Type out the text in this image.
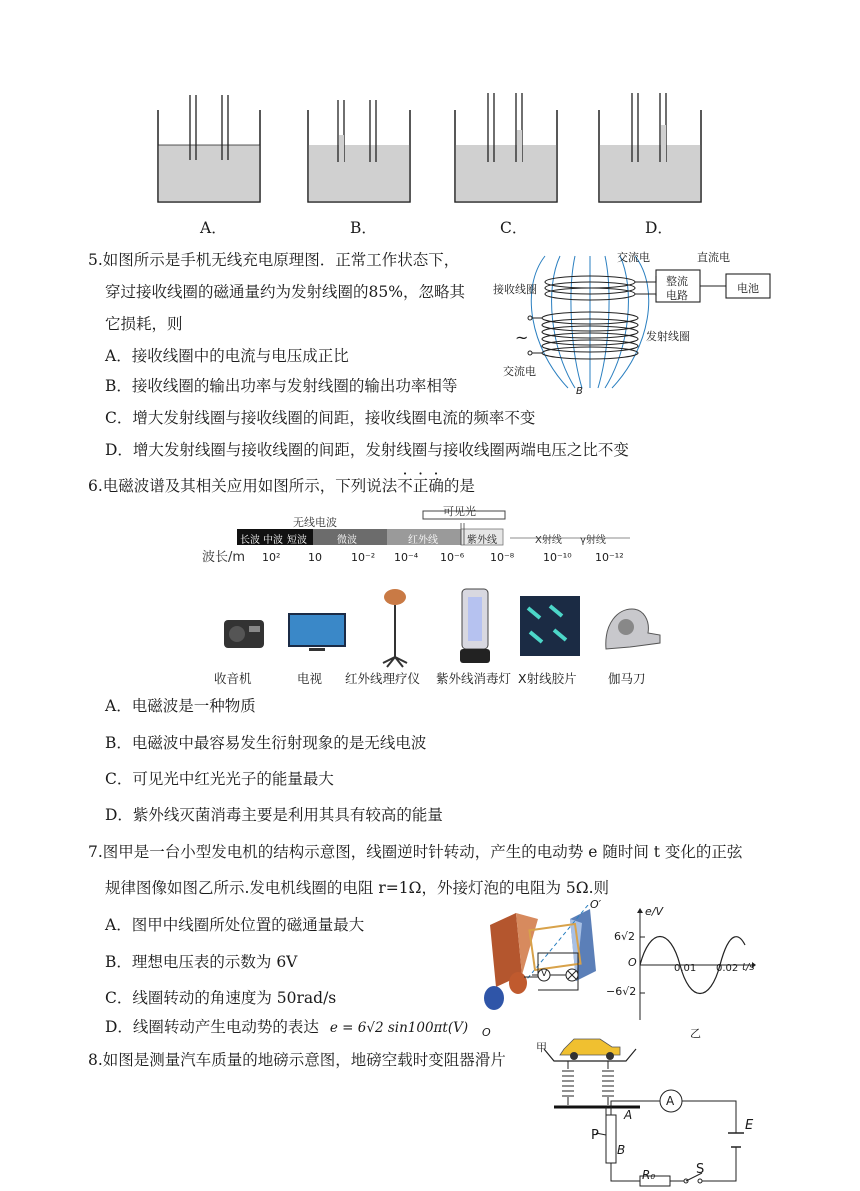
A．	B．	C．	D．
5.如图所示是手机无线充电原理图．正常工作状态下，
穿过接收线圈的磁通量约为发射线圈的85%，忽略其
它损耗，则
A．接收线圈中的电流与电压成正比
B．接收线圈的输出功率与发射线圈的输出功率相等
C．增大发射线圈与接收线圈的间距，接收线圈电流的频率不变
D．增大发射线圈与接收线圈的间距，发射线圈与接收线圈两端电压之比不变
交流电	直流电
整流
电路
电池
接收线圈
发射线圈
交流电
B
~
6.电磁波谱及其相关应用如图所示，下列说法不正确的是
无线电波
可见光
长波 中波 短波	微波	红外线	紫外线	X射线 γ射线
波长/m 10²	10	10⁻² 10⁻⁴ 10⁻⁶ 10⁻⁸	10⁻¹⁰ 10⁻¹²
收音机	电视 红外线理疗仪 紫外线消毒灯 X射线胶片	伽马刀
A．电磁波是一种物质
B．电磁波中最容易发生衍射现象的是无线电波
C．可见光中红光光子的能量最大
D．紫外线灭菌消毒主要是利用其具有较高的能量
7.图甲是一台小型发电机的结构示意图，线圈逆时针转动，产生的电动势 e 随时间 t 变化的正弦
规律图像如图乙所示.发电机线圈的电阻 r=1Ω，外接灯泡的电阻为 5Ω.则
A．图甲中线圈所处位置的磁通量最大
B．理想电压表的示数为 6V
C．线圈转动的角速度为 50rad/s
D．线圈转动产生电动势的表达 e = 6√2 sin100πt(V)
O′
O
V
甲
e/V
6√2
−6√2
O	0.01 0.02 t/s
乙
8.如图是测量汽车质量的地磅示意图，地磅空载时变阻器滑片
A
B
P
A
E
R₀	S
